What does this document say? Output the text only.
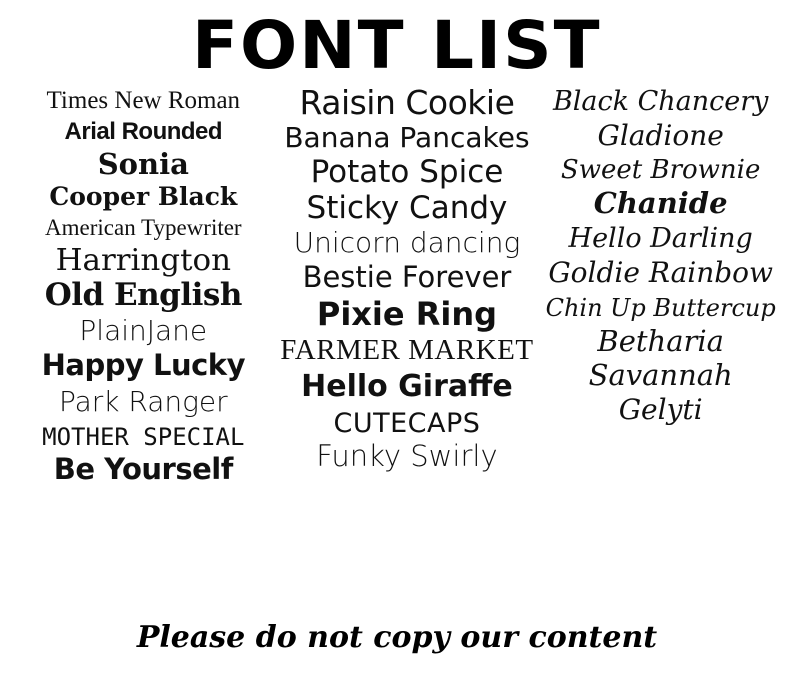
FONT LIST
Times New Roman
Arial Rounded
Sonia
Cooper Black
American Typewriter
Harrington
Old English
PlainJane
Happy Lucky
Park Ranger
MOTHER SPECIAL
Be Yourself
Raisin Cookie
Banana Pancakes
Potato Spice
Sticky Candy
Unicorn dancing
Bestie Forever
Pixie Ring
FARMER MARKET
Hello Giraffe
CUTECAPS
Funky Swirly
Black Chancery
Gladione
Sweet Brownie
Chanide
Hello Darling
Goldie Rainbow
Chin Up Buttercup
Betharia
Savannah
Gelyti
Please do not copy our content
